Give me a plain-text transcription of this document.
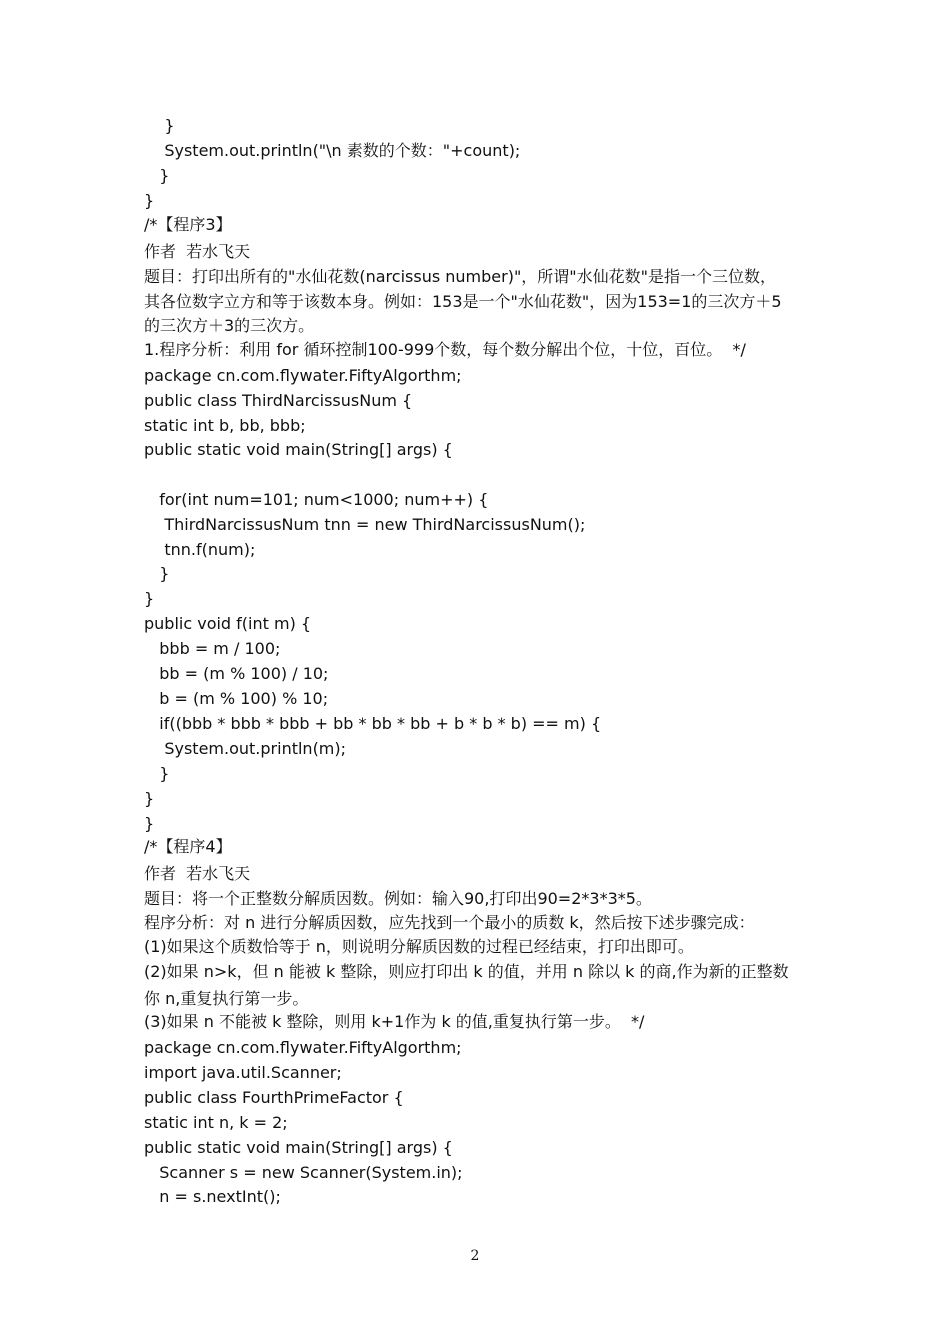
}
System.out.println("\n 素数的个数："+count);
}
}
/*【程序3】
作者  若水飞天
题目：打印出所有的"水仙花数(narcissus number)"，所谓"水仙花数"是指一个三位数，
其各位数字立方和等于该数本身。例如：153是一个"水仙花数"，因为153=1的三次方＋5
的三次方＋3的三次方。
1.程序分析：利用 for 循环控制100-999个数，每个数分解出个位，十位，百位。  */
package cn.com.flywater.FiftyAlgorthm;
public class ThirdNarcissusNum {
static int b, bb, bbb;
public static void main(String[] args) {
for(int num=101; num<1000; num++) {
ThirdNarcissusNum tnn = new ThirdNarcissusNum();
tnn.f(num);
}
}
public void f(int m) {
bbb = m / 100;
bb = (m % 100) / 10;
b = (m % 100) % 10;
if((bbb * bbb * bbb + bb * bb * bb + b * b * b) == m) {
System.out.println(m);
}
}
}
/*【程序4】
作者  若水飞天
题目：将一个正整数分解质因数。例如：输入90,打印出90=2*3*3*5。
程序分析：对 n 进行分解质因数，应先找到一个最小的质数 k，然后按下述步骤完成：
(1)如果这个质数恰等于 n，则说明分解质因数的过程已经结束，打印出即可。
(2)如果 n>k，但 n 能被 k 整除，则应打印出 k 的值，并用 n 除以 k 的商,作为新的正整数
你 n,重复执行第一步。
(3)如果 n 不能被 k 整除，则用 k+1作为 k 的值,重复执行第一步。  */
package cn.com.flywater.FiftyAlgorthm;
import java.util.Scanner;
public class FourthPrimeFactor {
static int n, k = 2;
public static void main(String[] args) {
Scanner s = new Scanner(System.in);
n = s.nextInt();
2
